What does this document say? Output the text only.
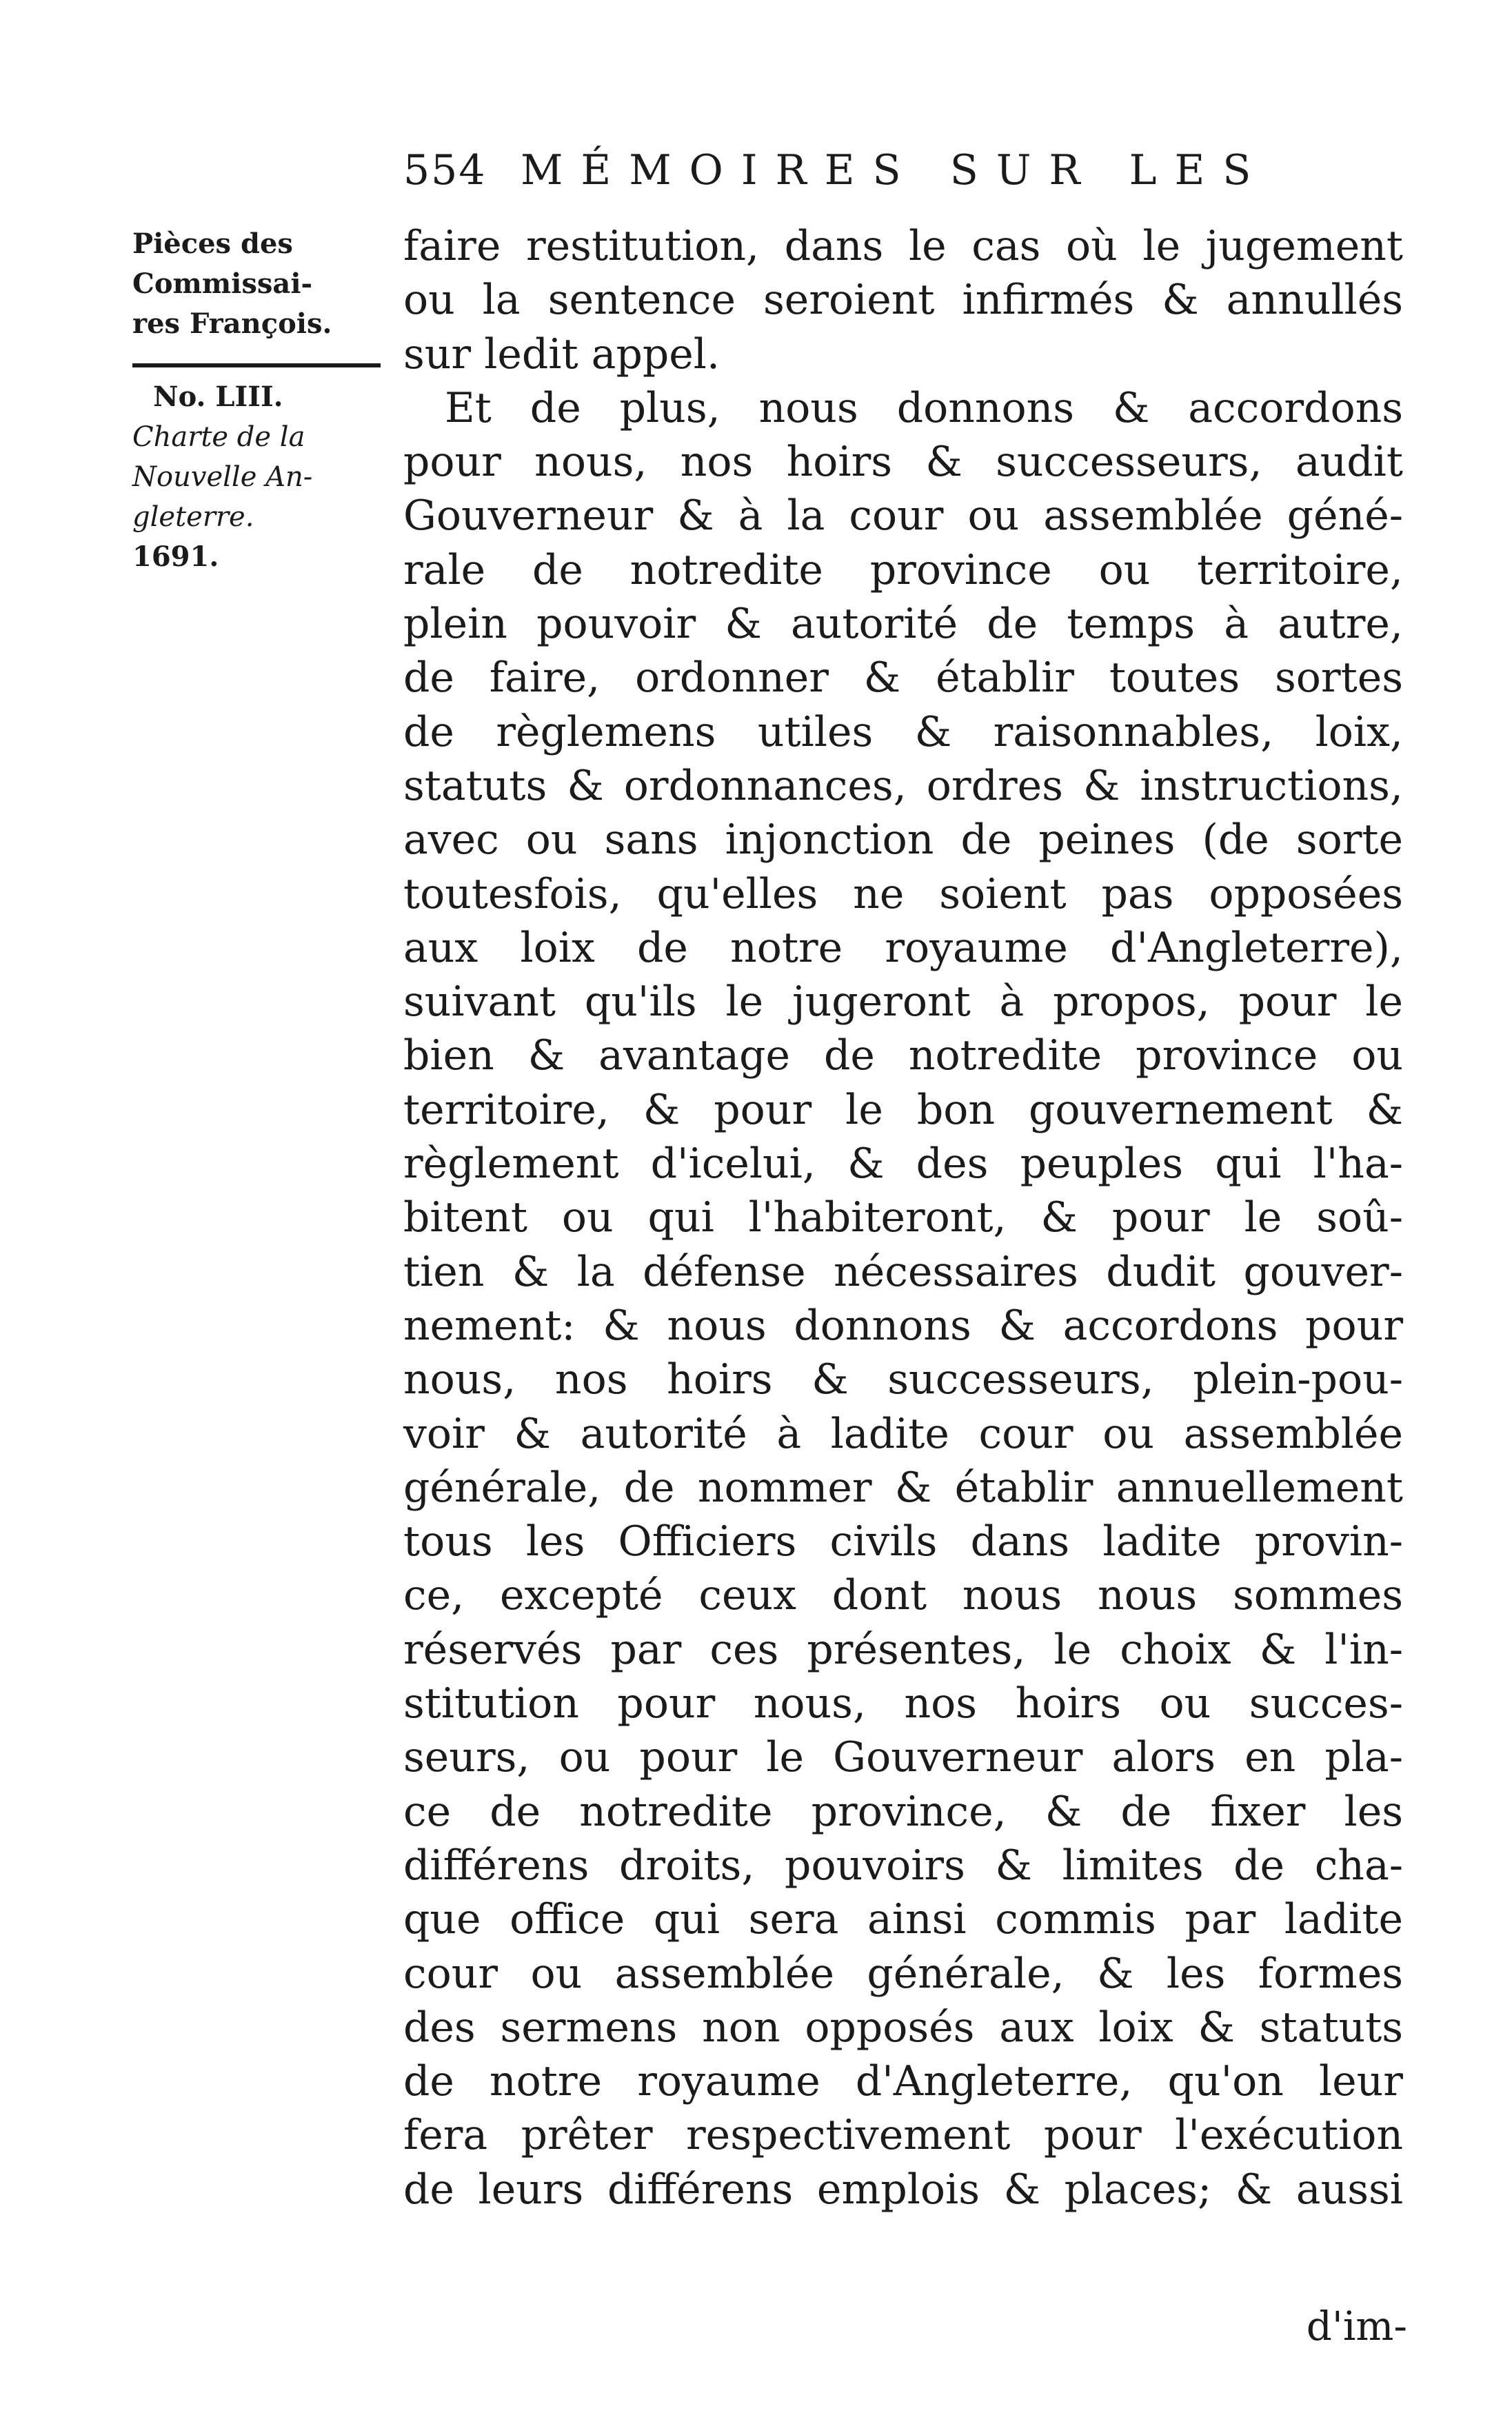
554 MÉMOIRES SUR LES
Pièces des
Commissai-
res François.
No. LIII.
Charte de la
Nouvelle An-
gleterre.
1691.
faire restitution, dans le cas où le jugement
ou la sentence seroient infirmés & annullés
sur ledit appel.
Et de plus, nous donnons & accordons
pour nous, nos hoirs & successeurs, audit
Gouverneur & à la cour ou assemblée géné-
rale de notredite province ou territoire,
plein pouvoir & autorité de temps à autre,
de faire, ordonner & établir toutes sortes
de règlemens utiles & raisonnables, loix,
statuts & ordonnances, ordres & instructions,
avec ou sans injonction de peines (de sorte
toutesfois, qu'elles ne soient pas opposées
aux loix de notre royaume d'Angleterre),
suivant qu'ils le jugeront à propos, pour le
bien & avantage de notredite province ou
territoire, & pour le bon gouvernement &
règlement d'icelui, & des peuples qui l'ha-
bitent ou qui l'habiteront, & pour le soû-
tien & la défense nécessaires dudit gouver-
nement: & nous donnons & accordons pour
nous, nos hoirs & successeurs, plein-pou-
voir & autorité à ladite cour ou assemblée
générale, de nommer & établir annuellement
tous les Officiers civils dans ladite provin-
ce, excepté ceux dont nous nous sommes
réservés par ces présentes, le choix & l'in-
stitution pour nous, nos hoirs ou succes-
seurs, ou pour le Gouverneur alors en pla-
ce de notredite province, & de fixer les
différens droits, pouvoirs & limites de cha-
que office qui sera ainsi commis par ladite
cour ou assemblée générale, & les formes
des sermens non opposés aux loix & statuts
de notre royaume d'Angleterre, qu'on leur
fera prêter respectivement pour l'exécution
de leurs différens emplois & places; & aussi
d'im-
